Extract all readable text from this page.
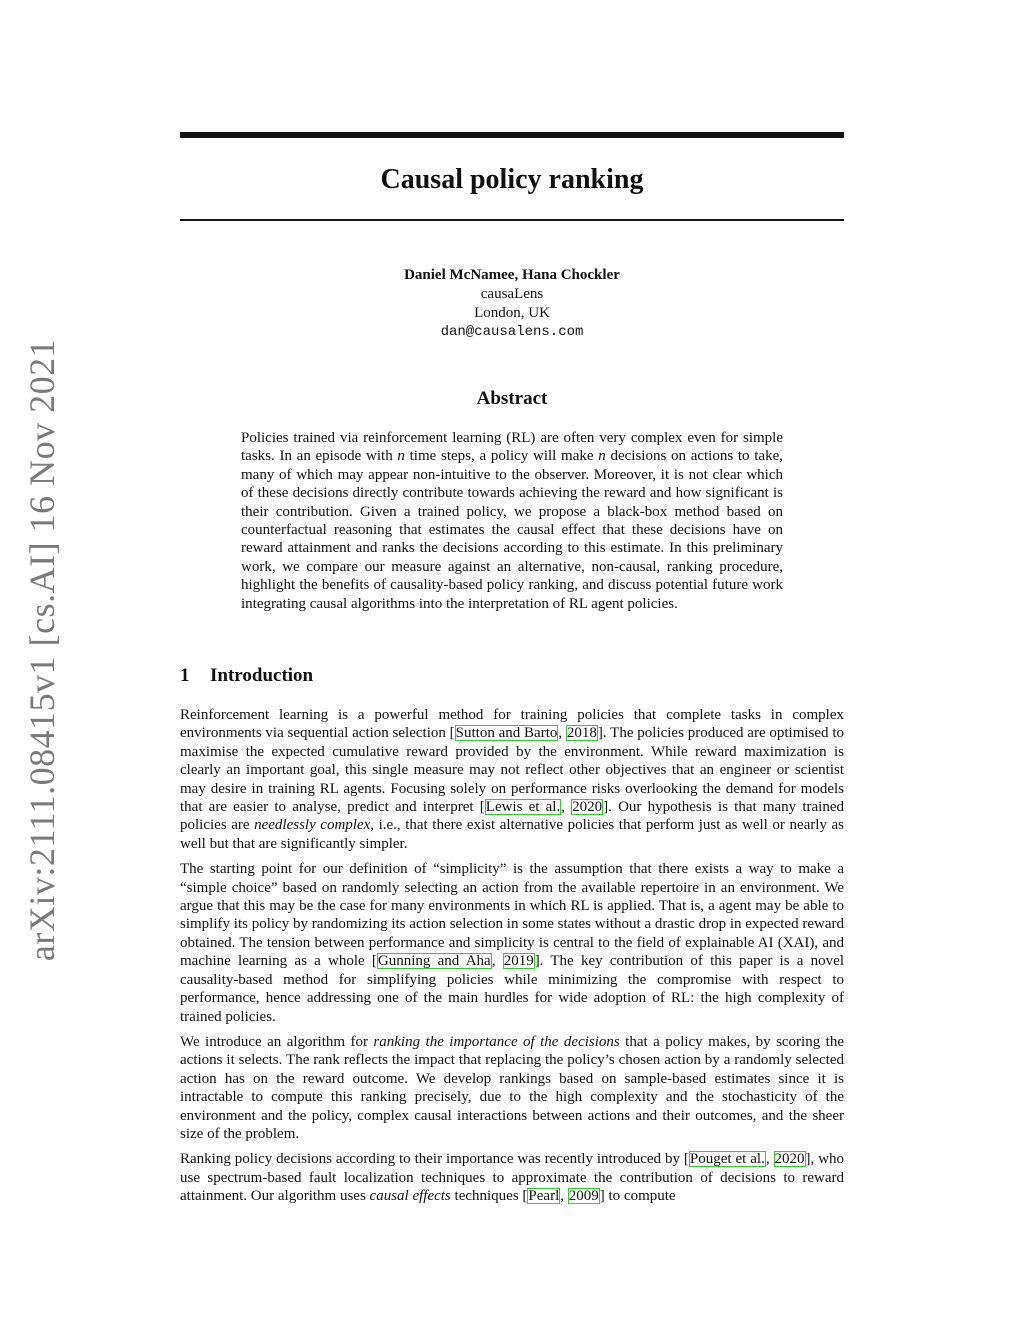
arXiv:2111.08415v1 [cs.AI] 16 Nov 2021
Causal policy ranking
Daniel McNamee, Hana Chockler
causaLens
London, UK
dan@causalens.com
Abstract
Policies trained via reinforcement learning (RL) are often very complex even for simple tasks. In an episode with n time steps, a policy will make n decisions on actions to take, many of which may appear non-intuitive to the observer. Moreover, it is not clear which of these decisions directly contribute towards achieving the reward and how significant is their contribution. Given a trained policy, we propose a black-box method based on counterfactual reasoning that estimates the causal effect that these decisions have on reward attainment and ranks the decisions according to this estimate. In this preliminary work, we compare our measure against an alternative, non-causal, ranking procedure, highlight the benefits of causality-based policy ranking, and discuss potential future work integrating causal algorithms into the interpretation of RL agent policies.
1 Introduction

Reinforcement learning is a powerful method for training policies that complete tasks in complex environments via sequential action selection [Sutton and Barto, 2018]. The policies produced are optimised to maximise the expected cumulative reward provided by the environment. While reward maximization is clearly an important goal, this single measure may not reflect other objectives that an engineer or scientist may desire in training RL agents. Focusing solely on performance risks overlooking the demand for models that are easier to analyse, predict and interpret [Lewis et al., 2020]. Our hypothesis is that many trained policies are needlessly complex, i.e., that there exist alternative policies that perform just as well or nearly as well but that are significantly simpler.

The starting point for our definition of “simplicity” is the assumption that there exists a way to make a “simple choice” based on randomly selecting an action from the available repertoire in an environment. We argue that this may be the case for many environments in which RL is applied. That is, a agent may be able to simplify its policy by randomizing its action selection in some states without a drastic drop in expected reward obtained. The tension between performance and simplicity is central to the field of explainable AI (XAI), and machine learning as a whole [Gunning and Aha, 2019]. The key contribution of this paper is a novel causality-based method for simplifying policies while minimizing the compromise with respect to performance, hence addressing one of the main hurdles for wide adoption of RL: the high complexity of trained policies.

We introduce an algorithm for ranking the importance of the decisions that a policy makes, by scoring the actions it selects. The rank reflects the impact that replacing the policy’s chosen action by a randomly selected action has on the reward outcome. We develop rankings based on sample-based estimates since it is intractable to compute this ranking precisely, due to the high complexity and the stochasticity of the environment and the policy, complex causal interactions between actions and their outcomes, and the sheer size of the problem.

Ranking policy decisions according to their importance was recently introduced by [Pouget et al., 2020], who use spectrum-based fault localization techniques to approximate the contribution of decisions to reward attainment. Our algorithm uses causal effects techniques [Pearl, 2009] to compute
